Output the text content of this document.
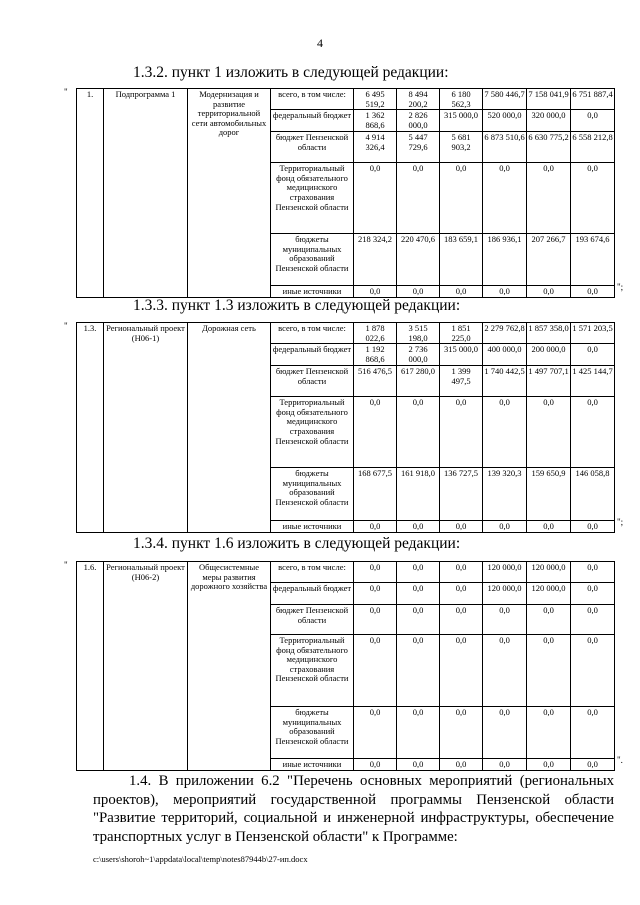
4
1.3.2. пункт 1 изложить в следующей редакции:
"
";
1.	Подпрограмма 1	Модернизация и развитие территориальной сети автомобильных дорог	всего, в том числе:	6 495 519,2	8 494 200,2	6 180 562,3	7 580 446,7	7 158 041,9	6 751 887,4
			федеральный бюджет	1 362 868,6	2 826 000,0	315 000,0	520 000,0	320 000,0	0,0
			бюджет Пензенской области	4 914 326,4	5 447 729,6	5 681 903,2	6 873 510,6	6 630 775,2	6 558 212,8
			Территориальный фонд обязательного медицинского страхования Пензенской области	0,0	0,0	0,0	0,0	0,0	0,0
			бюджеты муниципальных образований Пензенской области	218 324,2	220 470,6	183 659,1	186 936,1	207 266,7	193 674,6
			иные источники	0,0	0,0	0,0	0,0	0,0	0,0
1.3.3. пункт 1.3 изложить в следующей редакции:
"
";
1.3.	Региональный проект (Н06-1)	Дорожная сеть	всего, в том числе:	1 878 022,6	3 515 198,0	1 851 225,0	2 279 762,8	1 857 358,0	1 571 203,5
			федеральный бюджет	1 192 868,6	2 736 000,0	315 000,0	400 000,0	200 000,0	0,0
			бюджет Пензенской области	516 476,5	617 280,0	1 399 497,5	1 740 442,5	1 497 707,1	1 425 144,7
			Территориальный фонд обязательного медицинского страхования Пензенской области	0,0	0,0	0,0	0,0	0,0	0,0
			бюджеты муниципальных образований Пензенской области	168 677,5	161 918,0	136 727,5	139 320,3	159 650,9	146 058,8
			иные источники	0,0	0,0	0,0	0,0	0,0	0,0
1.3.4. пункт 1.6 изложить в следующей редакции:
"
".
1.6.	Региональный проект (Н06-2)	Общесистемные меры развития дорожного хозяйства	всего, в том числе:	0,0	0,0	0,0	120 000,0	120 000,0	0,0
			федеральный бюджет	0,0	0,0	0,0	120 000,0	120 000,0	0,0
			бюджет Пензенской области	0,0	0,0	0,0	0,0	0,0	0,0
			Территориальный фонд обязательного медицинского страхования Пензенской области	0,0	0,0	0,0	0,0	0,0	0,0
			бюджеты муниципальных образований Пензенской области	0,0	0,0	0,0	0,0	0,0	0,0
			иные источники	0,0	0,0	0,0	0,0	0,0	0,0
1.4. В приложении 6.2 "Перечень основных мероприятий (региональных
проектов), мероприятий государственной программы Пензенской области
"Развитие территорий, социальной и инженерной инфраструктуры, обеспечение
транспортных услуг в Пензенской области" к Программе:
c:\users\shoroh~1\appdata\local\temp\notes87944b\27-ип.docx
